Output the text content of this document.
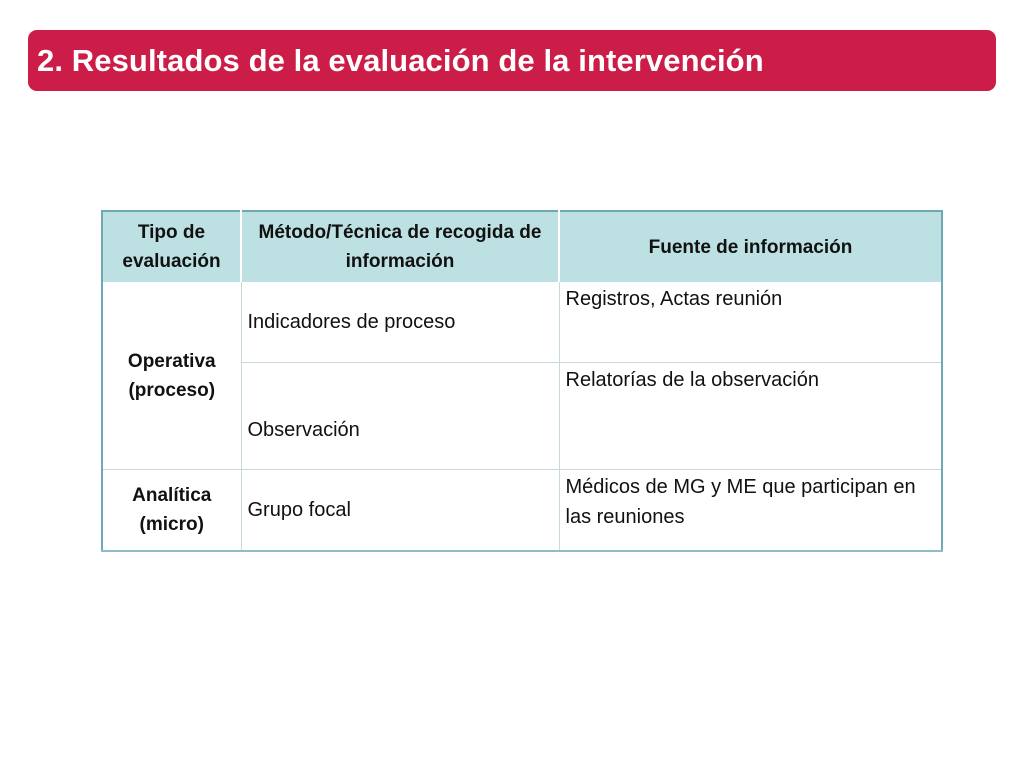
2. Resultados de la evaluación de la intervención
Tipo de evaluación	Método/Técnica de recogida de información	Fuente de información
Operativa (proceso)	Indicadores de proceso	Registros, Actas reunión
	Observación	Relatorías de la observación
Analítica (micro)	Grupo focal	Médicos de MG y ME que participan en las reuniones
